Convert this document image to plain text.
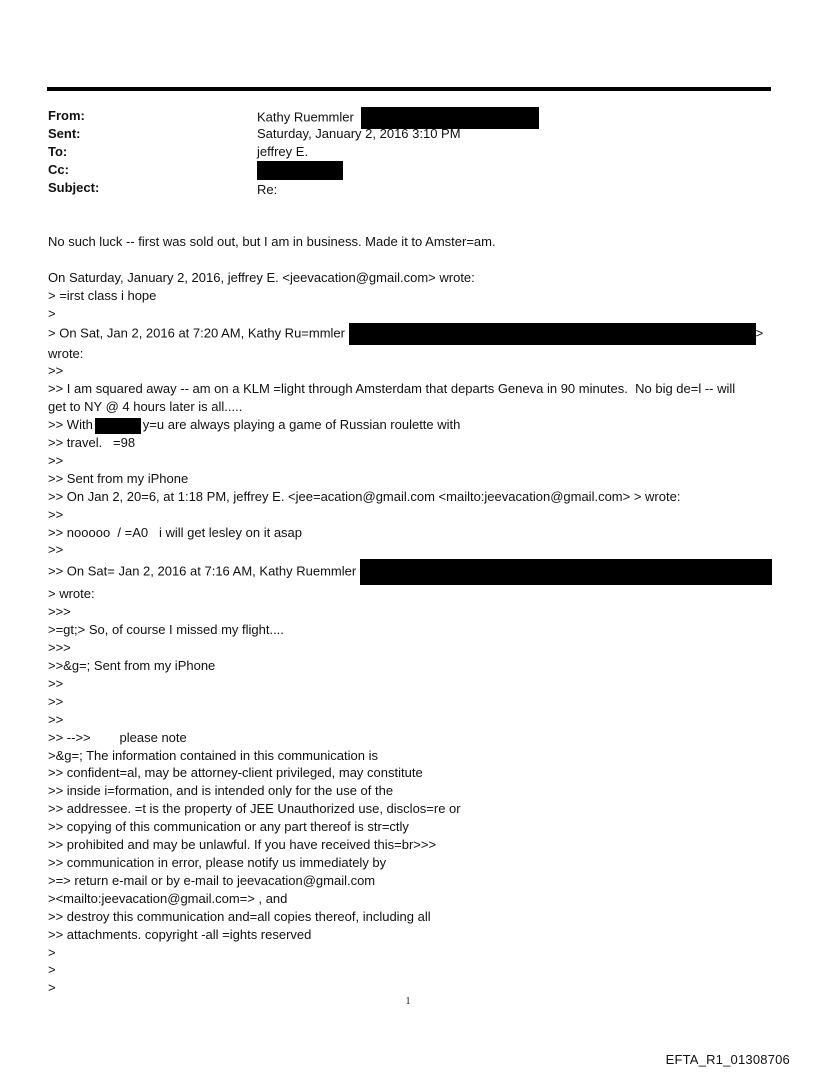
From:	Kathy Ruemmler
Sent:	Saturday, January 2, 2016 3:10 PM
To:	jeffrey E.
Cc:
Subject:	Re:
No such luck -- first was sold out, but I am in business. Made it to Amster=am.
On Saturday, January 2, 2016, jeffrey E. <jeevacation@gmail.com> wrote:
> =irst class i hope
>
> On Sat, Jan 2, 2016 at 7:20 AM, Kathy Ru=mmler	>
wrote:
>>
>> I am squared away -- am on a KLM =light through Amsterdam that departs Geneva in 90 minutes.  No big de=l -- will
get to NY @ 4 hours later is all.....
>> With	y=u are always playing a game of Russian roulette with
>> travel.   =98
>>
>> Sent from my iPhone
>> On Jan 2, 20=6, at 1:18 PM, jeffrey E. <jee=acation@gmail.com <mailto:jeevacation@gmail.com> > wrote:
>>
>> nooooo  / =A0   i will get lesley on it asap
>>
>> On Sat= Jan 2, 2016 at 7:16 AM, Kathy Ruemmler
> wrote:
>>>
>=gt;> So, of course I missed my flight....
>>>
>>&g=; Sent from my iPhone
>>
>>
>>
>> -->>        please note
>&g=; The information contained in this communication is
>> confident=al, may be attorney-client privileged, may constitute
>> inside i=formation, and is intended only for the use of the
>> addressee. =t is the property of JEE Unauthorized use, disclos=re or
>> copying of this communication or any part thereof is str=ctly
>> prohibited and may be unlawful. If you have received this=br>>>
>> communication in error, please notify us immediately by
>=> return e-mail or by e-mail to jeevacation@gmail.com
><mailto:jeevacation@gmail.com=> , and
>> destroy this communication and=all copies thereof, including all
>> attachments. copyright -all =ights reserved
>
>
>
1
EFTA_R1_01308706
